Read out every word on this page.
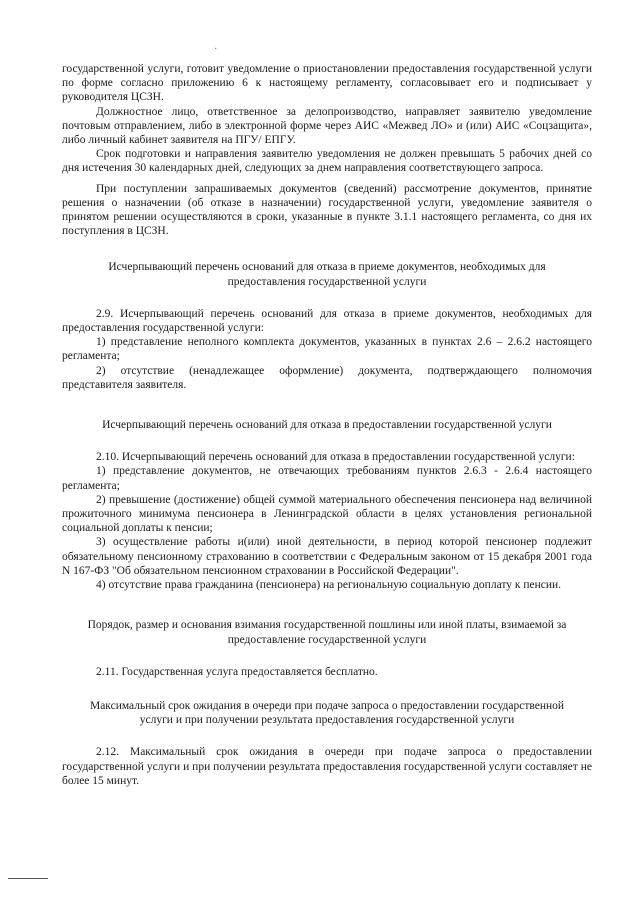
·

государственной услуги, готовит уведомление о приостановлении предоставления государственной услуги по форме согласно приложению 6 к настоящему регламенту, согласовывает его и подписывает у руководителя ЦСЗН.

Должностное лицо, ответственное за делопроизводство, направляет заявителю уведомление почтовым отправлением, либо в электронной форме через АИС «Межвед ЛО» и (или) АИС «Соцзащита», либо личный кабинет заявителя на ПГУ/ ЕПГУ.

Срок подготовки и направления заявителю уведомления не должен превышать 5 рабочих дней со дня истечения 30 календарных дней, следующих за днем направления соответствующего запроса.

При поступлении запрашиваемых документов (сведений) рассмотрение документов, принятие решения о назначении (об отказе в назначении) государственной услуги, уведомление заявителя о принятом решении осуществляются в сроки, указанные в пункте 3.1.1 настоящего регламента, со дня их поступления в ЦСЗН.

Исчерпывающий перечень оснований для отказа в приеме документов, необходимых для предоставления государственной услуги

2.9. Исчерпывающий перечень оснований для отказа в приеме документов, необходимых для предоставления государственной услуги:

1) представление неполного комплекта документов, указанных в пунктах 2.6 – 2.6.2 настоящего регламента;

2) отсутствие (ненадлежащее оформление) документа, подтверждающего полномочия представителя заявителя.

Исчерпывающий перечень оснований для отказа в предоставлении государственной услуги

2.10. Исчерпывающий перечень оснований для отказа в предоставлении государственной услуги:

1) представление документов, не отвечающих требованиям пунктов 2.6.3 - 2.6.4 настоящего регламента;

2) превышение (достижение) общей суммой материального обеспечения пенсионера над величиной прожиточного минимума пенсионера в Ленинградской области в целях установления региональной социальной доплаты к пенсии;

3) осуществление работы и(или) иной деятельности, в период которой пенсионер подлежит обязательному пенсионному страхованию в соответствии с Федеральным законом от 15 декабря 2001 года N 167-ФЗ "Об обязательном пенсионном страховании в Российской Федерации".

4) отсутствие права гражданина (пенсионера) на региональную социальную доплату к пенсии.

Порядок, размер и основания взимания государственной пошлины или иной платы, взимаемой за предоставление государственной услуги

2.11. Государственная услуга предоставляется бесплатно.

Максимальный срок ожидания в очереди при подаче запроса о предоставлении государственной услуги и при получении результата предоставления государственной услуги

2.12. Максимальный срок ожидания в очереди при подаче запроса о предоставлении государственной услуги и при получении результата предоставления государственной услуги составляет не более 15 минут.
